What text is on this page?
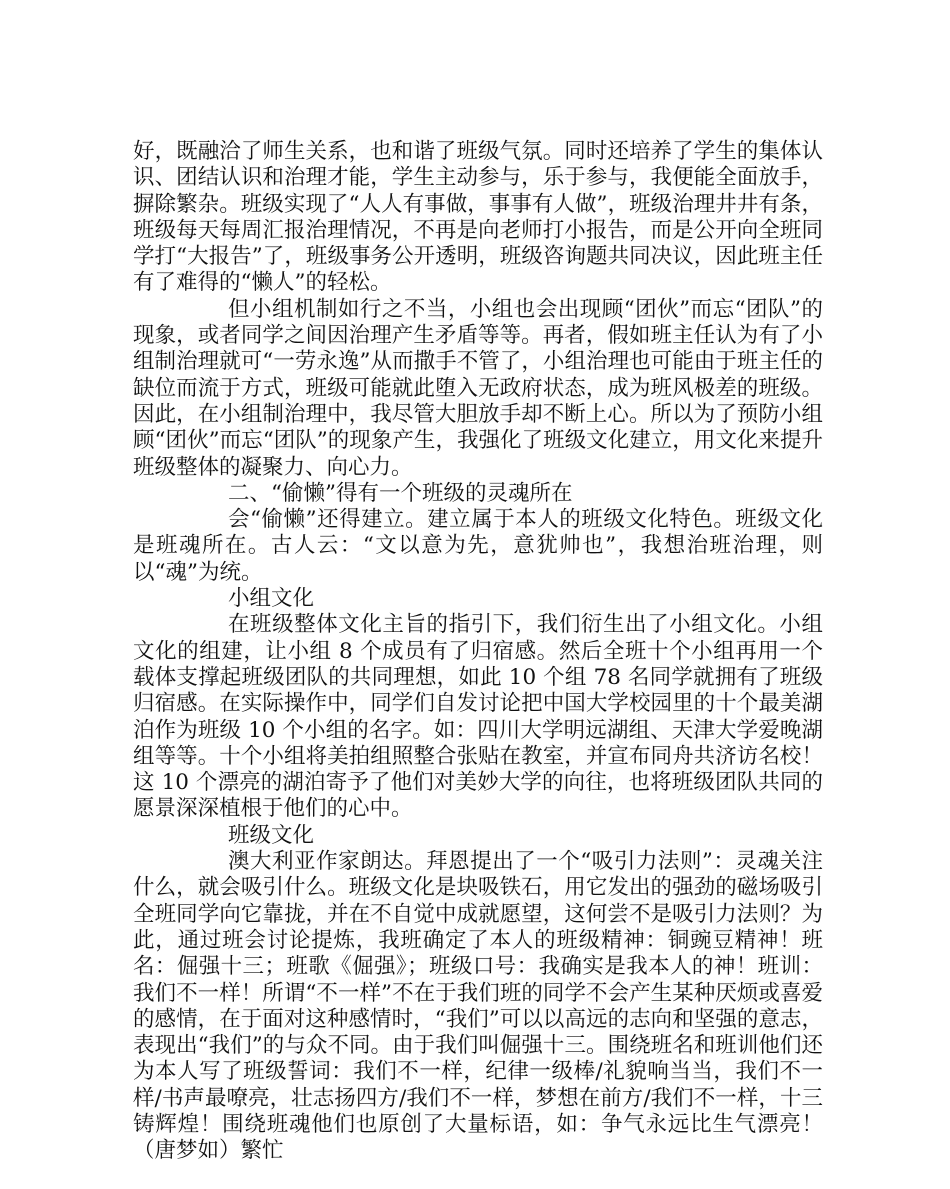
好，既融洽了师生关系，也和谐了班级气氛。同时还培养了学生的集体认识、团结认识和治理才能，学生主动参与，乐于参与，我便能全面放手，摒除繁杂。班级实现了“人人有事做，事事有人做”，班级治理井井有条，班级每天每周汇报治理情况，不再是向老师打小报告，而是公开向全班同学打“大报告”了，班级事务公开透明，班级咨询题共同决议，因此班主任有了难得的“懒人”的轻松。

但小组机制如行之不当，小组也会出现顾“团伙”而忘“团队”的现象，或者同学之间因治理产生矛盾等等。再者，假如班主任认为有了小组制治理就可“一劳永逸”从而撒手不管了，小组治理也可能由于班主任的缺位而流于方式，班级可能就此堕入无政府状态，成为班风极差的班级。因此，在小组制治理中，我尽管大胆放手却不断上心。所以为了预防小组顾“团伙”而忘“团队”的现象产生，我强化了班级文化建立，用文化来提升班级整体的凝聚力、向心力。

二、“偷懒”得有一个班级的灵魂所在

会“偷懒”还得建立。建立属于本人的班级文化特色。班级文化是班魂所在。古人云：“文以意为先，意犹帅也”，我想治班治理，则以“魂”为统。

小组文化

在班级整体文化主旨的指引下，我们衍生出了小组文化。小组文化的组建，让小组 8 个成员有了归宿感。然后全班十个小组再用一个载体支撑起班级团队的共同理想，如此 10 个组 78 名同学就拥有了班级归宿感。在实际操作中，同学们自发讨论把中国大学校园里的十个最美湖泊作为班级 10 个小组的名字。如：四川大学明远湖组、天津大学爱晚湖组等等。十个小组将美拍组照整合张贴在教室，并宣布同舟共济访名校！这 10 个漂亮的湖泊寄予了他们对美妙大学的向往，也将班级团队共同的愿景深深植根于他们的心中。

班级文化

澳大利亚作家朗达。拜恩提出了一个“吸引力法则”：灵魂关注什么，就会吸引什么。班级文化是块吸铁石，用它发出的强劲的磁场吸引全班同学向它靠拢，并在不自觉中成就愿望，这何尝不是吸引力法则？为此，通过班会讨论提炼，我班确定了本人的班级精神：铜豌豆精神！班名：倔强十三；班歌《倔强》；班级口号：我确实是我本人的神！班训：我们不一样！所谓“不一样”不在于我们班的同学不会产生某种厌烦或喜爱的感情，在于面对这种感情时，“我们”可以以高远的志向和坚强的意志，表现出“我们”的与众不同。由于我们叫倔强十三。围绕班名和班训他们还为本人写了班级誓词：我们不一样，纪律一级棒/礼貌响当当，我们不一样/书声最嘹亮，壮志扬四方/我们不一样，梦想在前方/我们不一样，十三铸辉煌！围绕班魂他们也原创了大量标语，如：争气永远比生气漂亮！（唐梦如）繁忙
